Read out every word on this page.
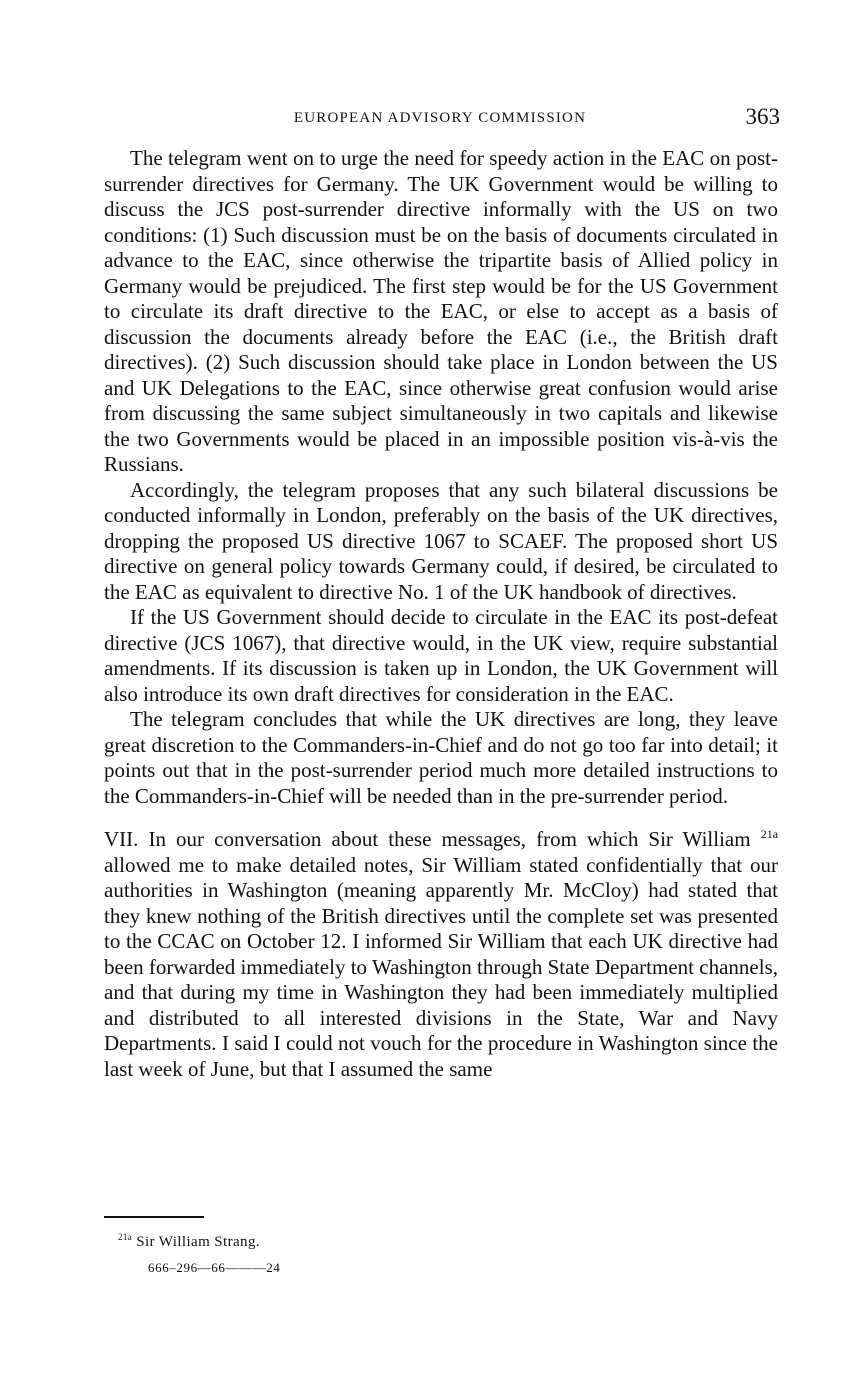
EUROPEAN ADVISORY COMMISSION	363

The telegram went on to urge the need for speedy action in the EAC on post-surrender directives for Germany. The UK Government would be willing to discuss the JCS post-surrender directive informally with the US on two conditions: (1) Such discussion must be on the basis of documents circulated in advance to the EAC, since otherwise the tripartite basis of Allied policy in Germany would be prejudiced. The first step would be for the US Government to circulate its draft directive to the EAC, or else to accept as a basis of discussion the documents already before the EAC (i.e., the British draft directives). (2) Such discussion should take place in London between the US and UK Delegations to the EAC, since otherwise great confusion would arise from discussing the same subject simultaneously in two capitals and likewise the two Governments would be placed in an impossible position vis-à-vis the Russians.

Accordingly, the telegram proposes that any such bilateral discussions be conducted informally in London, preferably on the basis of the UK directives, dropping the proposed US directive 1067 to SCAEF. The proposed short US directive on general policy towards Germany could, if desired, be circulated to the EAC as equivalent to directive No. 1 of the UK handbook of directives.

If the US Government should decide to circulate in the EAC its post-defeat directive (JCS 1067), that directive would, in the UK view, require substantial amendments. If its discussion is taken up in London, the UK Government will also introduce its own draft directives for consideration in the EAC.

The telegram concludes that while the UK directives are long, they leave great discretion to the Commanders-in-Chief and do not go too far into detail; it points out that in the post-surrender period much more detailed instructions to the Commanders-in-Chief will be needed than in the pre-surrender period.

VII. In our conversation about these messages, from which Sir William $^{21a}$ allowed me to make detailed notes, Sir William stated confidentially that our authorities in Washington (meaning apparently Mr. McCloy) had stated that they knew nothing of the British directives until the complete set was presented to the CCAC on October 12. I informed Sir William that each UK directive had been forwarded immediately to Washington through State Department channels, and that during my time in Washington they had been immediately multiplied and distributed to all interested divisions in the State, War and Navy Departments. I said I could not vouch for the procedure in Washington since the last week of June, but that I assumed the same

$^{21a}$ Sir William Strang.
666–296—66———24
